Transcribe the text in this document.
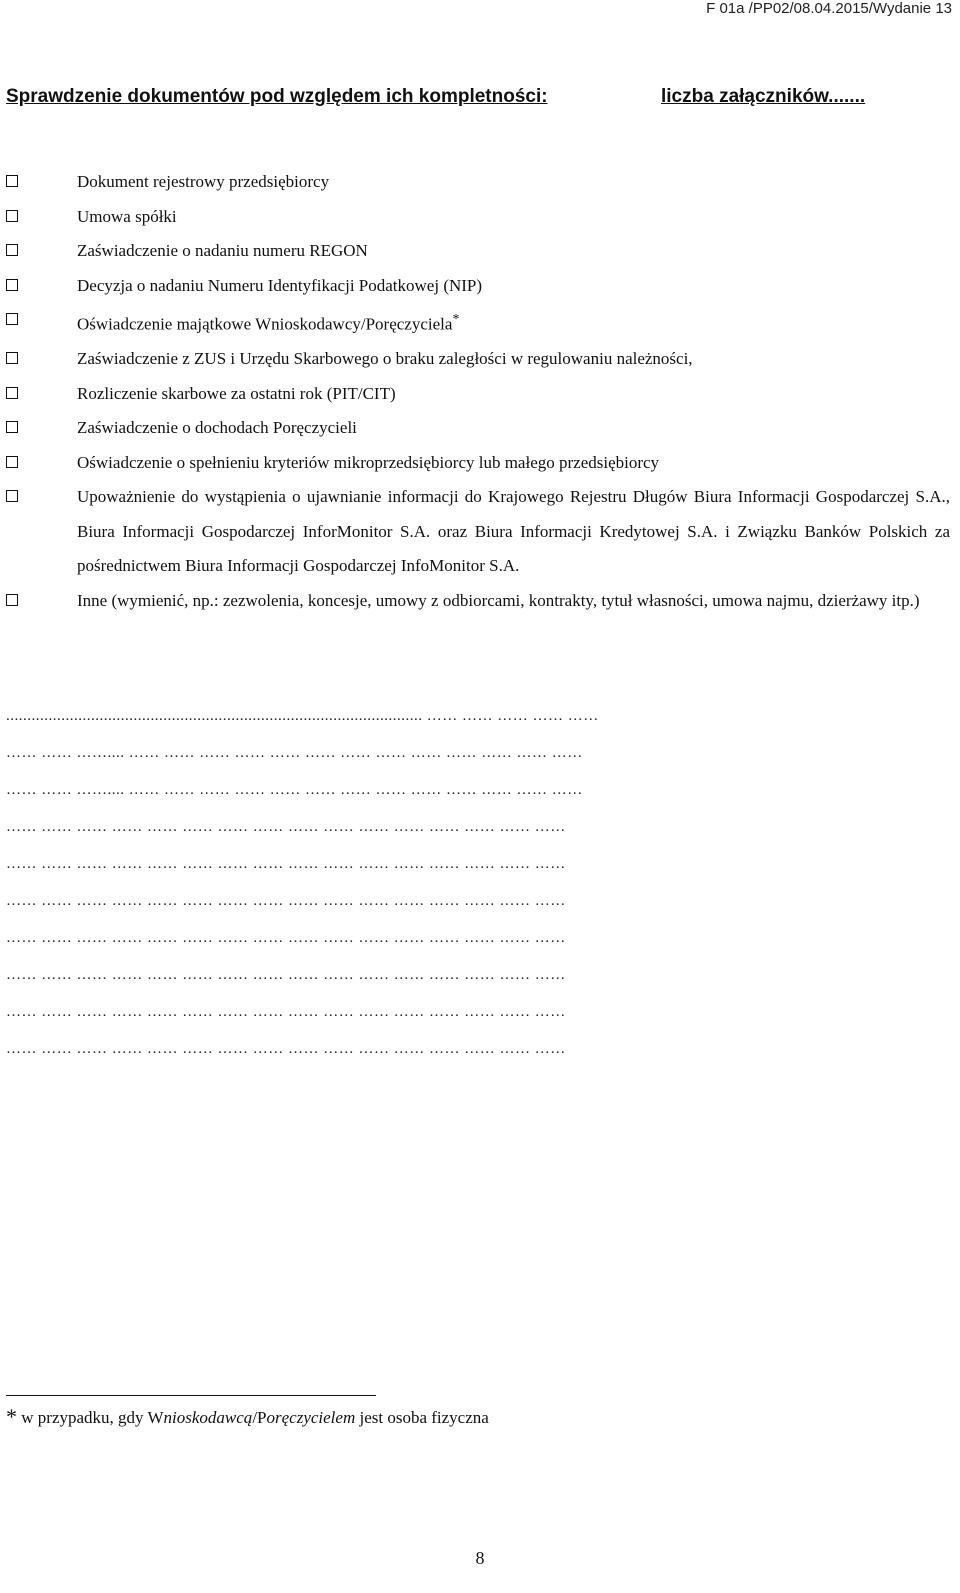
F 01a /PP02/08.04.2015/Wydanie 13
Sprawdzenie dokumentów pod względem ich kompletności:	liczba załączników.......
Dokument rejestrowy przedsiębiorcy
Umowa spółki
Zaświadczenie o nadaniu numeru REGON
Decyzja o nadaniu Numeru Identyfikacji Podatkowej (NIP)
Oświadczenie majątkowe Wnioskodawcy/Poręczyciela*
Zaświadczenie z ZUS i Urzędu Skarbowego o braku zaległości w regulowaniu należności,
Rozliczenie skarbowe za ostatni rok (PIT/CIT)
Zaświadczenie o dochodach Poręczycieli
Oświadczenie o spełnieniu kryteriów mikroprzedsiębiorcy lub małego przedsiębiorcy
Upoważnienie do wystąpienia o ujawnianie informacji do Krajowego Rejestru Długów Biura Informacji Gospodarczej S.A., Biura Informacji Gospodarczej InforMonitor S.A. oraz Biura Informacji Kredytowej S.A. i Związku Banków Polskich za pośrednictwem Biura Informacji Gospodarczej InfoMonitor S.A.
Inne (wymienić, np.: zezwolenia, koncesje, umowy z odbiorcami, kontrakty, tytuł własności, umowa najmu, dzierżawy itp.)
.................................................................................................. …… …… …… …… ……
…… …… …….... …… …… …… …… …… …… …… …… …… …… …… …… ……
…… …… …….... …… …… …… …… …… …… …… …… …… …… …… …… ……
…… …… …… …… …… …… …… …… …… …… …… …… …… …… …… ……
…… …… …… …… …… …… …… …… …… …… …… …… …… …… …… ……
…… …… …… …… …… …… …… …… …… …… …… …… …… …… …… ……
…… …… …… …… …… …… …… …… …… …… …… …… …… …… …… ……
…… …… …… …… …… …… …… …… …… …… …… …… …… …… …… ……
…… …… …… …… …… …… …… …… …… …… …… …… …… …… …… ……
…… …… …… …… …… …… …… …… …… …… …… …… …… …… …… ……
* w przypadku, gdy Wnioskodawcą/Poręczycielem jest osoba fizyczna
8
